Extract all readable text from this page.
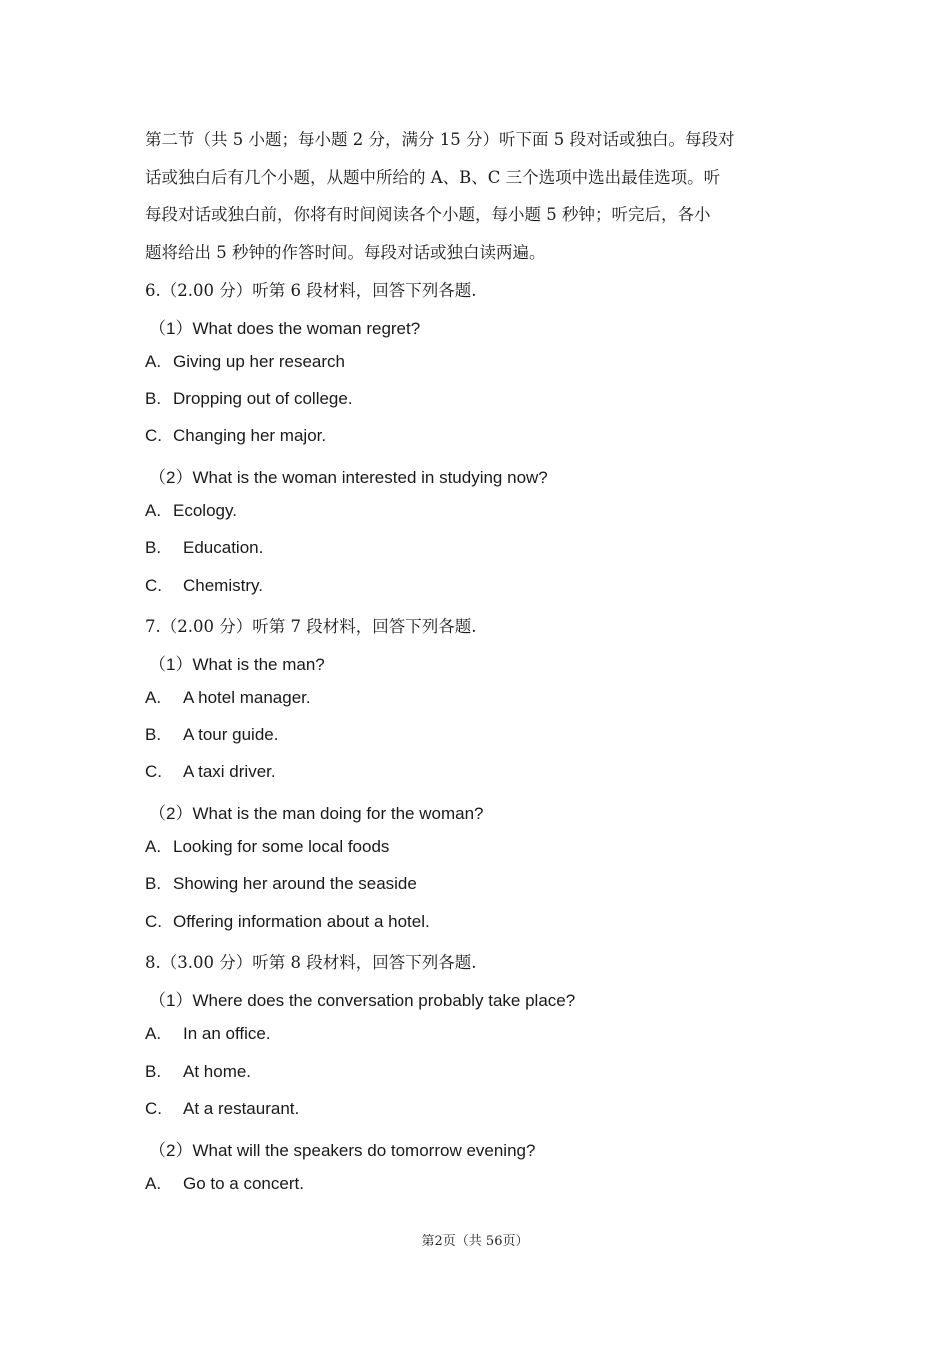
第二节（共 5 小题；每小题 2 分，满分 15 分）听下面 5 段对话或独白。每段对
话或独白后有几个小题，从题中所给的 A、B、C 三个选项中选出最佳选项。听
每段对话或独白前，你将有时间阅读各个小题，每小题 5 秒钟；听完后，各小
题将给出 5 秒钟的作答时间。每段对话或独白读两遍。
6.（2.00 分）听第 6 段材料，回答下列各题.
（1）What does the woman regret?
A. Giving up her research
B. Dropping out of college.
C. Changing her major.
（2）What is the woman interested in studying now?
A. Ecology.
B. Education.
C. Chemistry.
7.（2.00 分）听第 7 段材料，回答下列各题.
（1）What is the man?
A. A hotel manager.
B. A tour guide.
C. A taxi driver.
（2）What is the man doing for the woman?
A. Looking for some local foods
B. Showing her around the seaside
C. Offering information about a hotel.
8.（3.00 分）听第 8 段材料，回答下列各题.
（1）Where does the conversation probably take place?
A. In an office.
B. At home.
C. At a restaurant.
（2）What will the speakers do tomorrow evening?
A. Go to a concert.
第2页（共 56页）
